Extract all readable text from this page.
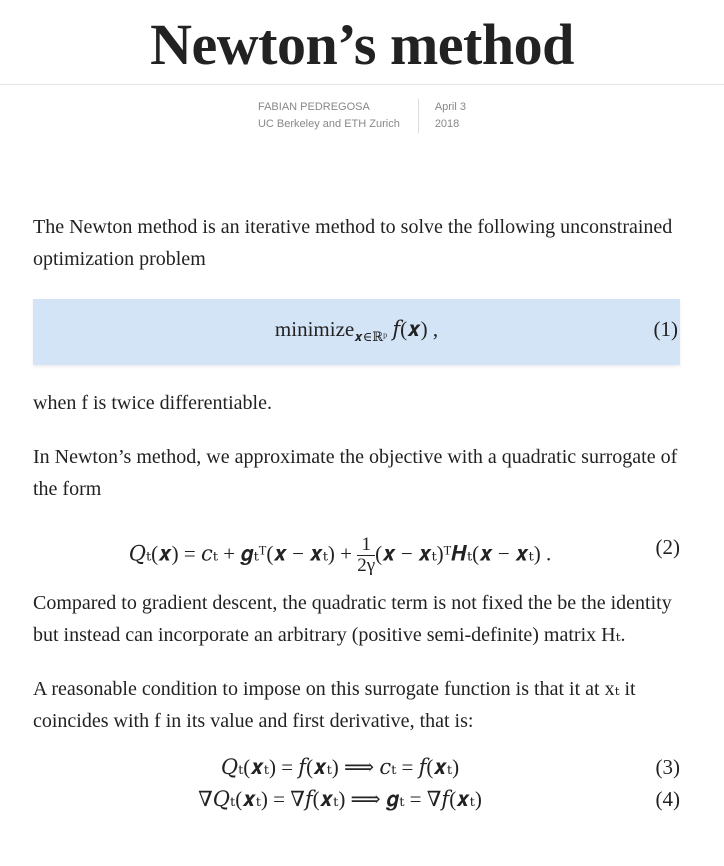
Newton’s method
FABIAN PEDREGOSA
UC Berkeley and ETH Zurich
April 3
2018

The Newton method is an iterative method to solve the following unconstrained optimization problem

minimize$_{𝒙\in ℝᵖ}$ 𝑓(𝒙) ,	(1)

when f is twice differentiable.

In Newton’s method, we approximate the objective with a quadratic surrogate of the form

𝑄ₜ(𝒙) = 𝑐ₜ + 𝒈ₜᵀ(𝒙 − 𝒙ₜ) + $\frac{1}{2\gamma}$ (𝒙 − 𝒙ₜ)ᵀ𝑯ₜ(𝒙 − 𝒙ₜ) .	(2)

Compared to gradient descent, the quadratic term is not fixed the be the identity but instead can incorporate an arbitrary (positive semi-definite) matrix Hₜ.

A reasonable condition to impose on this surrogate function is that it at xₜ it coincides with f in its value and first derivative, that is:

𝑄ₜ(𝒙ₜ) = 𝑓(𝒙ₜ) ⟹ 𝑐ₜ = 𝑓(𝒙ₜ)	(3)
∇𝑄ₜ(𝒙ₜ) = ∇𝑓(𝒙ₜ) ⟹ 𝒈ₜ = ∇𝑓(𝒙ₜ)	(4)
